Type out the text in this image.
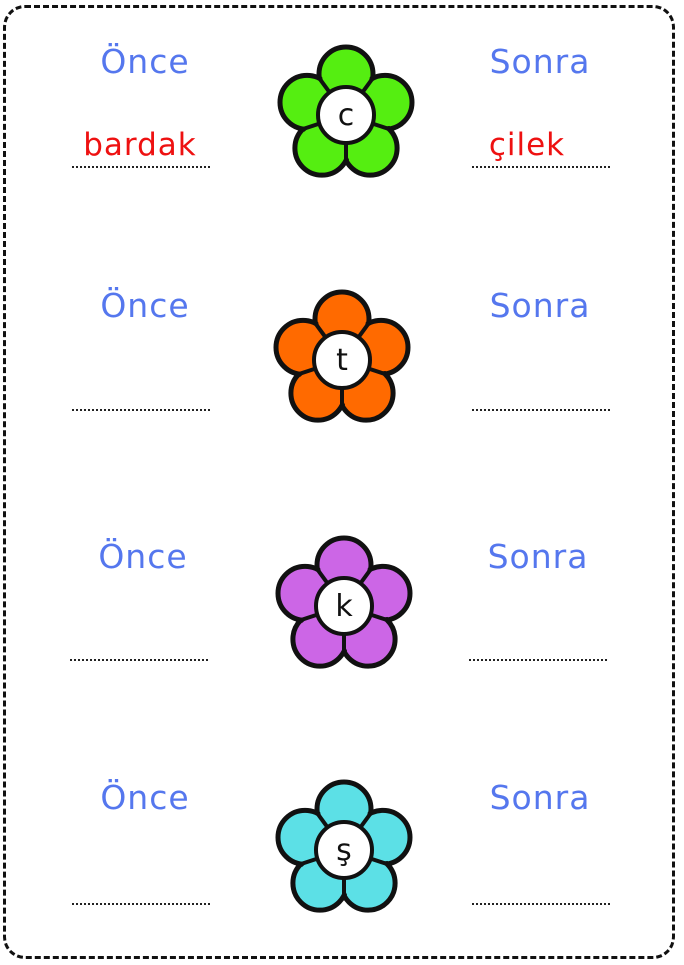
Önce	Sonra
c
bardak	çilek
Önce	Sonra
t
Önce	Sonra
k
Önce	Sonra
ş
